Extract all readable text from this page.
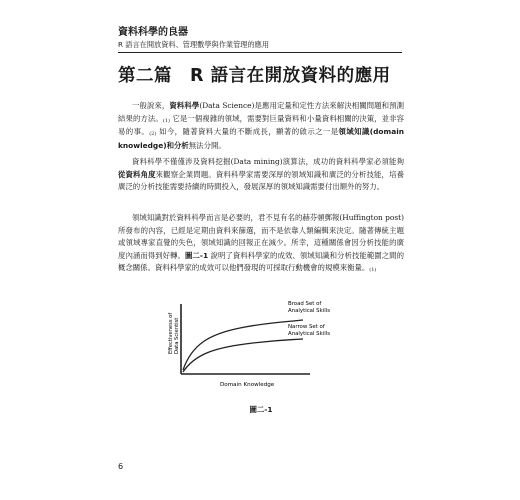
資料科學的良器
R 語言在開放資料、管理數學與作業管理的應用
第二篇　R 語言在開放資料的應用
一般說來，資料科學(Data Science)是應用定量和定性方法來解決相關問題和預測結果的方法。$_{(1)}$ 它是一個複雜的領域，需要對巨量資料和小量資料相關的決策，並非容易的事。$_{(2)}$ 如今，隨著資料大量的不斷成長，顯著的啟示之一是領域知識(domain knowledge)和分析無法分開。
資料科學不僅僅涉及資料挖掘(Data mining)演算法，成功的資料科學家必須能夠從資料角度來觀察企業問題。資料科學家需要深厚的領域知識和廣泛的分析技能，培養廣泛的分析技能需要持續的時間投入，發展深厚的領域知識需要付出額外的努力。
領域知識對於資料科學而言是必要的，君不見有名的赫芬頓郵報(Huffington post)所發布的內容，已經是定期由資料來篩選，而不是依靠人類編輯來決定。隨著傳統主題或領域專家直覺的失色，領域知識的回報正在減少。所幸，這種關係會因分析技能的廣度內涵而得到好轉。圖二-1 說明了資料科學家的成效、領域知識和分析技能範圍之間的概念關係。資料科學家的成效可以他們發現的可採取行動機會的規模來衡量。$_{(1)}$
Effectiveness of Data Scientist
Domain Knowledge
Broad Set of
Analytical Skills
Narrow Set of
Analytical Skills
圖二-1
6
